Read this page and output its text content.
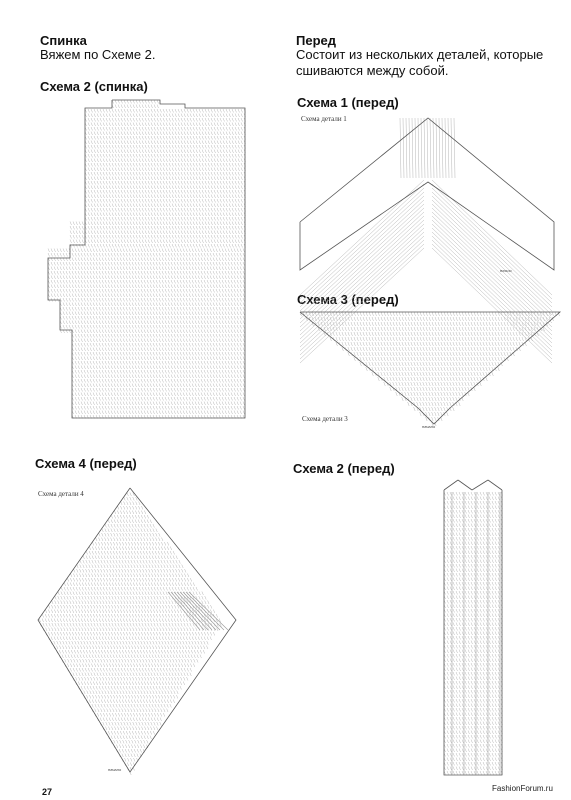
Спинка
Вяжем по Схеме 2.
Схема 2 (спинка)
Перед
Состоит из нескольких деталей, которые
сшиваются между собой.
Схема 1 (перед)
Схема детали 1
Схема 3 (перед)
Схема детали 3
Схема 4 (перед)
Схема детали 4
Схема 2 (перед)
начало
начало
начало
27	FashionForum.ru
